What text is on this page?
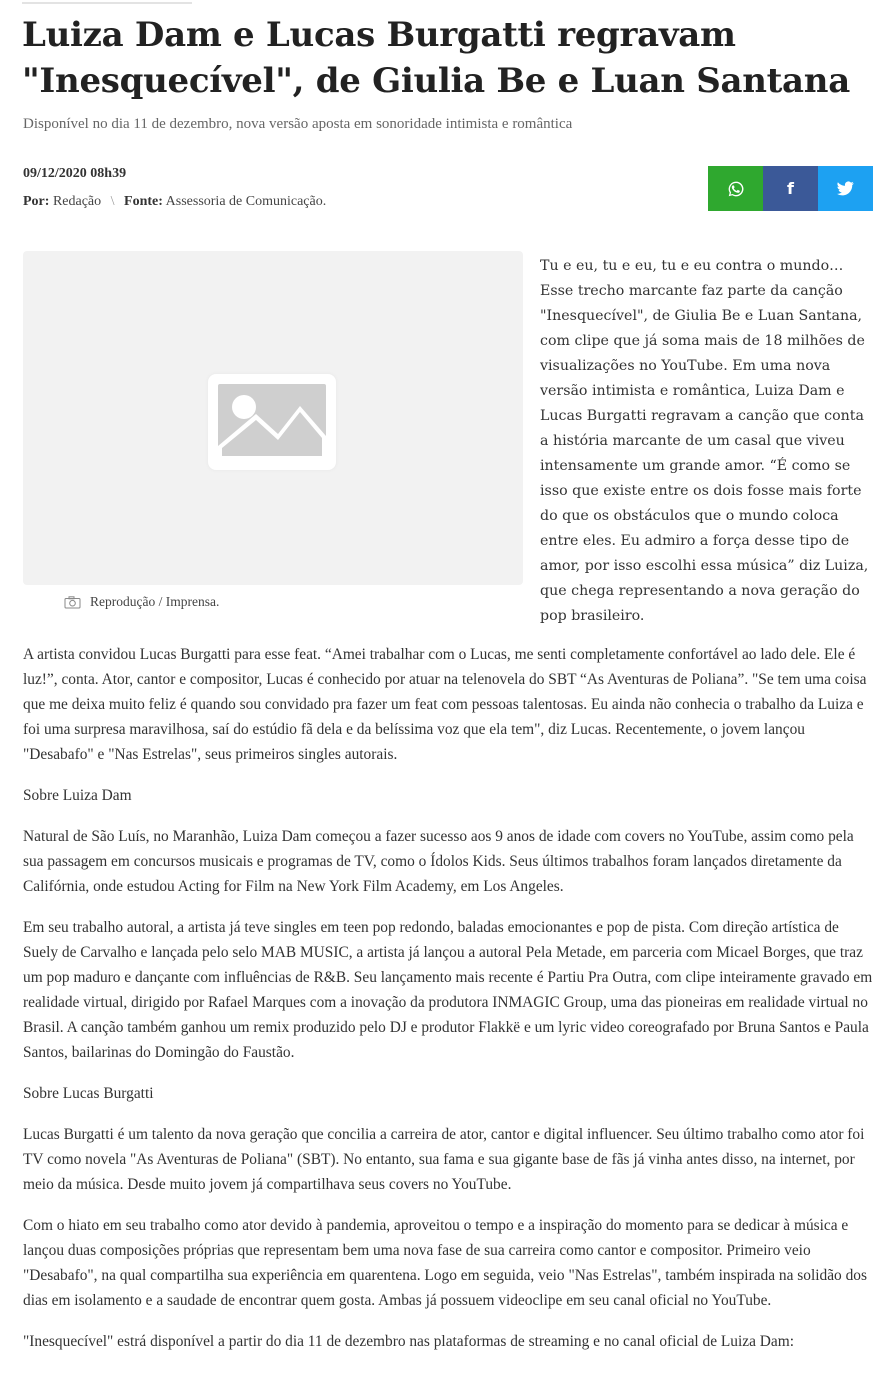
Luiza Dam e Lucas Burgatti regravam "Inesquecível", de Giulia Be e Luan Santana
Disponível no dia 11 de dezembro, nova versão aposta em sonoridade intimista e romântica
09/12/2020 08h39
Por: Redação \ Fonte: Assessoria de Comunicação.
f
Reprodução / Imprensa.
Tu e eu, tu e eu, tu e eu contra o mundo… Esse trecho marcante faz parte da canção "Inesquecível", de Giulia Be e Luan Santana, com clipe que já soma mais de 18 milhões de visualizações no YouTube. Em uma nova versão intimista e romântica, Luiza Dam e Lucas Burgatti regravam a canção que conta a história marcante de um casal que viveu intensamente um grande amor. “É como se isso que existe entre os dois fosse mais forte do que os obstáculos que o mundo coloca entre eles. Eu admiro a força desse tipo de amor, por isso escolhi essa música” diz Luiza, que chega representando a nova geração do pop brasileiro.

A artista convidou Lucas Burgatti para esse feat. “Amei trabalhar com o Lucas, me senti completamente confortável ao lado dele. Ele é luz!”, conta. Ator, cantor e compositor, Lucas é conhecido por atuar na telenovela do SBT “As Aventuras de Poliana”. "Se tem uma coisa que me deixa muito feliz é quando sou convidado pra fazer um feat com pessoas talentosas. Eu ainda não conhecia o trabalho da Luiza e foi uma surpresa maravilhosa, saí do estúdio fã dela e da belíssima voz que ela tem", diz Lucas. Recentemente, o jovem lançou "Desabafo" e "Nas Estrelas", seus primeiros singles autorais.

Sobre Luiza Dam

Natural de São Luís, no Maranhão, Luiza Dam começou a fazer sucesso aos 9 anos de idade com covers no YouTube, assim como pela sua passagem em concursos musicais e programas de TV, como o Ídolos Kids. Seus últimos trabalhos foram lançados diretamente da Califórnia, onde estudou Acting for Film na New York Film Academy, em Los Angeles.

Em seu trabalho autoral, a artista já teve singles em teen pop redondo, baladas emocionantes e pop de pista. Com direção artística de Suely de Carvalho e lançada pelo selo MAB MUSIC, a artista já lançou a autoral Pela Metade, em parceria com Micael Borges, que traz um pop maduro e dançante com influências de R&B. Seu lançamento mais recente é Partiu Pra Outra, com clipe inteiramente gravado em realidade virtual, dirigido por Rafael Marques com a inovação da produtora INMAGIC Group, uma das pioneiras em realidade virtual no Brasil. A canção também ganhou um remix produzido pelo DJ e produtor Flakkë e um lyric video coreografado por Bruna Santos e Paula Santos, bailarinas do Domingão do Faustão.

Sobre Lucas Burgatti

Lucas Burgatti é um talento da nova geração que concilia a carreira de ator, cantor e digital influencer. Seu último trabalho como ator foi TV como novela "As Aventuras de Poliana" (SBT). No entanto, sua fama e sua gigante base de fãs já vinha antes disso, na internet, por meio da música. Desde muito jovem já compartilhava seus covers no YouTube.

Com o hiato em seu trabalho como ator devido à pandemia, aproveitou o tempo e a inspiração do momento para se dedicar à música e lançou duas composições próprias que representam bem uma nova fase de sua carreira como cantor e compositor. Primeiro veio "Desabafo", na qual compartilha sua experiência em quarentena. Logo em seguida, veio "Nas Estrelas", também inspirada na solidão dos dias em isolamento e a saudade de encontrar quem gosta. Ambas já possuem videoclipe em seu canal oficial no YouTube.

"Inesquecível" estrá disponível a partir do dia 11 de dezembro nas plataformas de streaming e no canal oficial de Luiza Dam:
